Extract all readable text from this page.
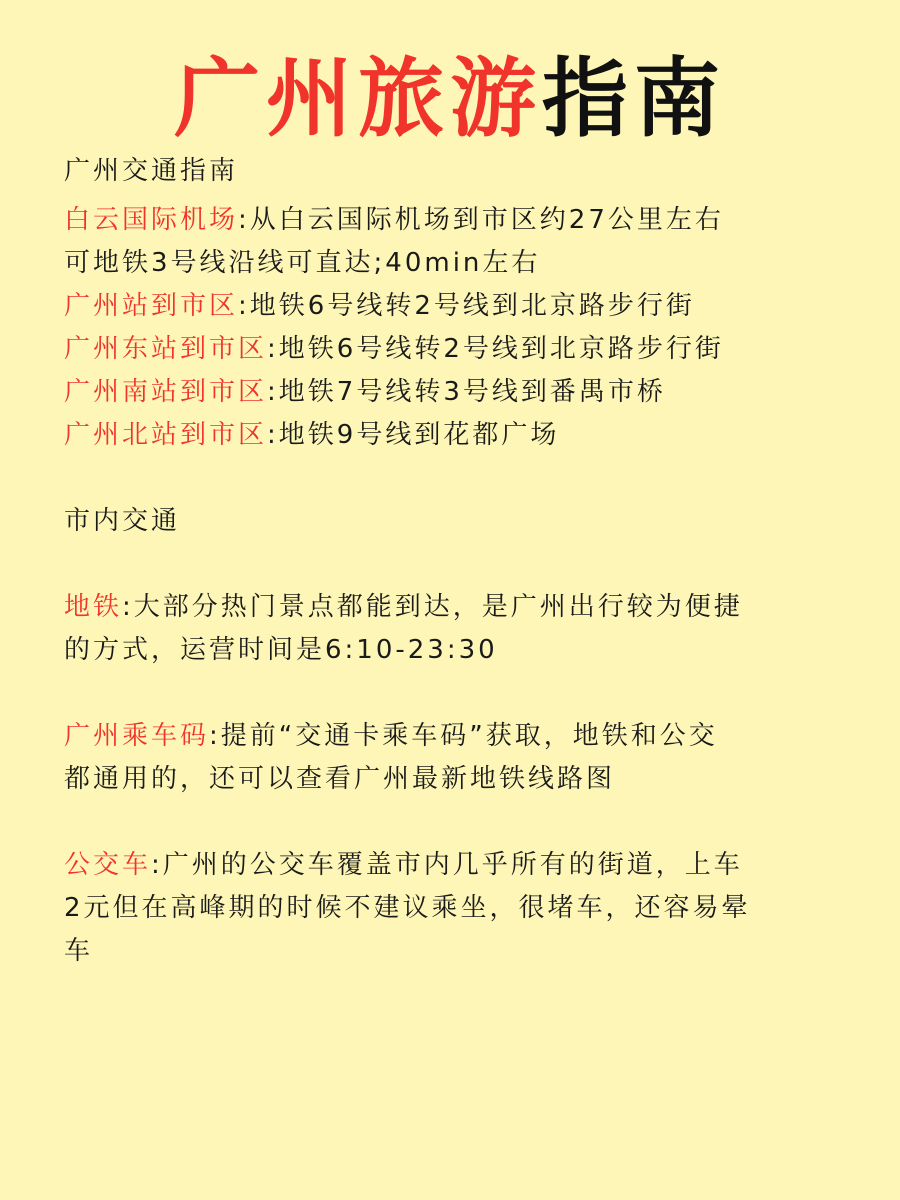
广州旅游指南
广州交通指南
白云国际机场:从白云国际机场到市区约27公里左右
可地铁3号线沿线可直达;40min左右
广州站到市区:地铁6号线转2号线到北京路步行街
广州东站到市区:地铁6号线转2号线到北京路步行街
广州南站到市区:地铁7号线转3号线到番禺市桥
广州北站到市区:地铁9号线到花都广场
市内交通
地铁:大部分热门景点都能到达，是广州出行较为便捷
的方式，运营时间是6:10-23:30
广州乘车码:提前“交通卡乘车码”获取，地铁和公交
都通用的，还可以查看广州最新地铁线路图
公交车:广州的公交车覆盖市内几乎所有的街道，上车
2元但在高峰期的时候不建议乘坐，很堵车，还容易晕
车
